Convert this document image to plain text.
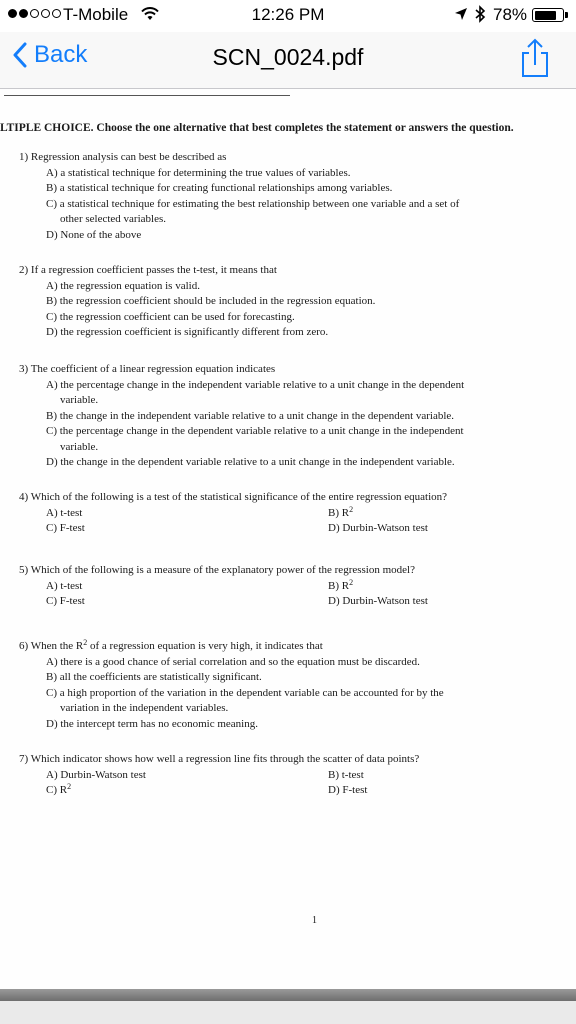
T-Mobile	12:26 PM	78%
Back	SCN_0024.pdf
LTIPLE CHOICE. Choose the one alternative that best completes the statement or answers the question.
1) Regression analysis can best be described as
A) a statistical technique for determining the true values of variables.
B) a statistical technique for creating functional relationships among variables.
C) a statistical technique for estimating the best relationship between one variable and a set of
other selected variables.
D) None of the above
2) If a regression coefficient passes the t-test, it means that
A) the regression equation is valid.
B) the regression coefficient should be included in the regression equation.
C) the regression coefficient can be used for forecasting.
D) the regression coefficient is significantly different from zero.
3) The coefficient of a linear regression equation indicates
A) the percentage change in the independent variable relative to a unit change in the dependent
variable.
B) the change in the independent variable relative to a unit change in the dependent variable.
C) the percentage change in the dependent variable relative to a unit change in the independent
variable.
D) the change in the dependent variable relative to a unit change in the independent variable.
4) Which of the following is a test of the statistical significance of the entire regression equation?
A) t-test	B) $R^2$
C) F-test	D) Durbin-Watson test
5) Which of the following is a measure of the explanatory power of the regression model?
A) t-test	B) $R^2$
C) F-test	D) Durbin-Watson test
6) When the $R^2$ of a regression equation is very high, it indicates that
A) there is a good chance of serial correlation and so the equation must be discarded.
B) all the coefficients are statistically significant.
C) a high proportion of the variation in the dependent variable can be accounted for by the
variation in the independent variables.
D) the intercept term has no economic meaning.
7) Which indicator shows how well a regression line fits through the scatter of data points?
A) Durbin-Watson test	B) t-test
C) $R^2$	D) F-test
1
